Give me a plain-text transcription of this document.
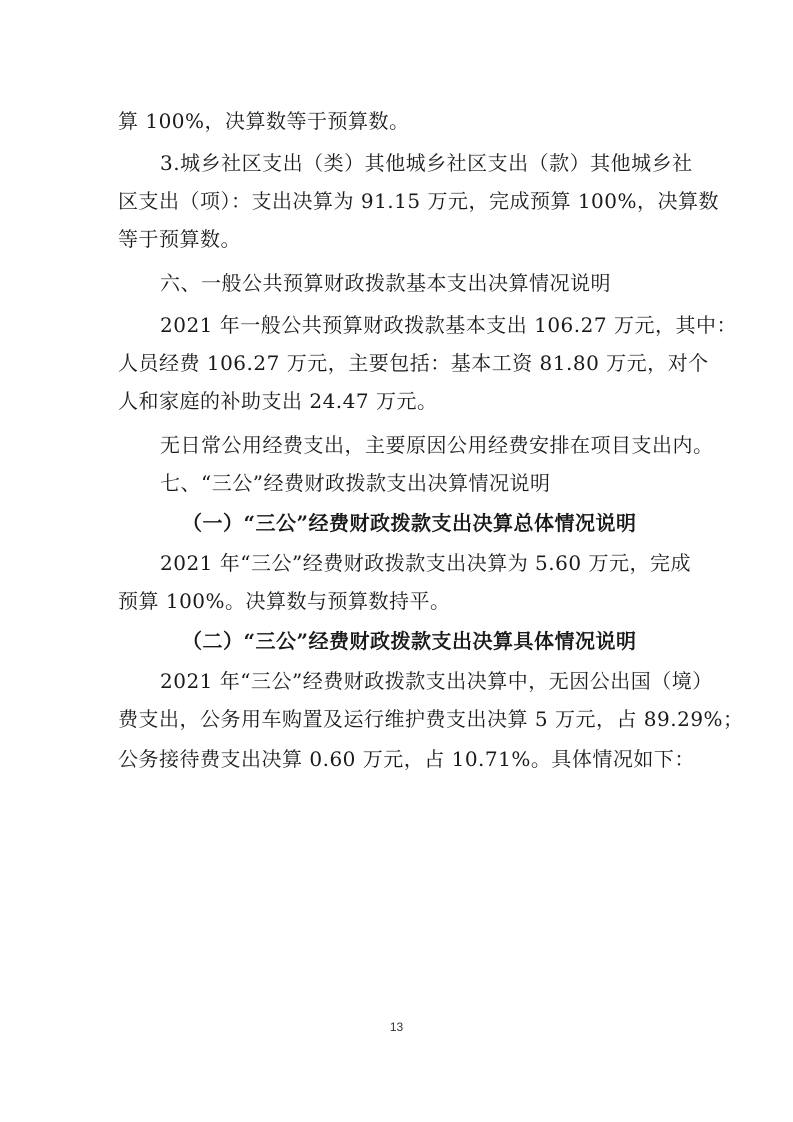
算 100%，决算数等于预算数。
3.城乡社区支出（类）其他城乡社区支出（款）其他城乡社
区支出（项）：支出决算为 91.15 万元，完成预算 100%，决算数
等于预算数。
六、一般公共预算财政拨款基本支出决算情况说明
2021 年一般公共预算财政拨款基本支出 106.27 万元，其中：
人员经费 106.27 万元，主要包括：基本工资 81.80 万元，对个
人和家庭的补助支出 24.47 万元。
无日常公用经费支出，主要原因公用经费安排在项目支出内。
七、“三公”经费财政拨款支出决算情况说明
（一）“三公”经费财政拨款支出决算总体情况说明
2021 年“三公”经费财政拨款支出决算为 5.60 万元，完成
预算 100%。决算数与预算数持平。
（二）“三公”经费财政拨款支出决算具体情况说明
2021 年“三公”经费财政拨款支出决算中，无因公出国（境）
费支出，公务用车购置及运行维护费支出决算 5 万元，占 89.29%；
公务接待费支出决算 0.60 万元，占 10.71%。具体情况如下：
13
